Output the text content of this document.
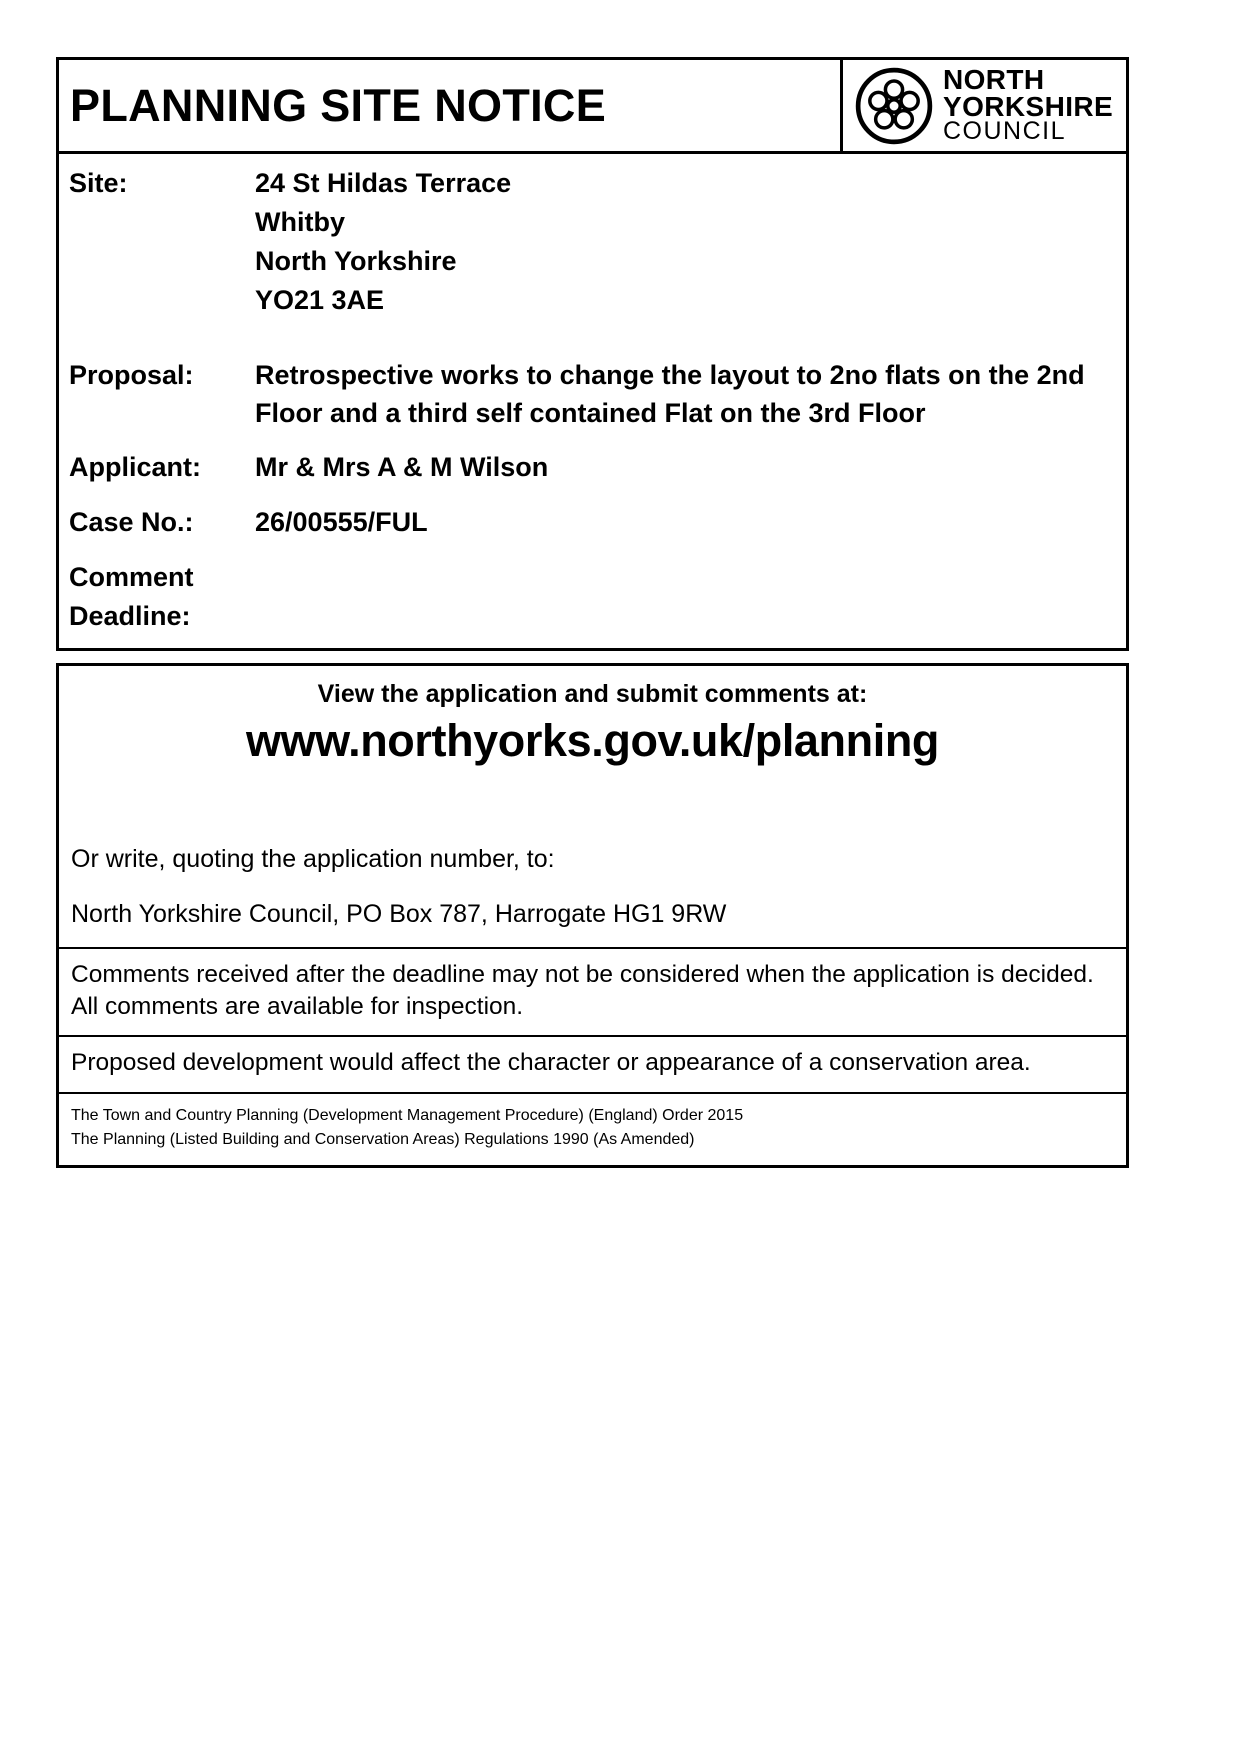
PLANNING SITE NOTICE
NORTH
YORKSHIRE
COUNCIL
Site:	24 St Hildas Terrace
Whitby
North Yorkshire
YO21 3AE
Proposal:	Retrospective works to change the layout to 2no flats on the 2nd Floor and a third self contained Flat on the 3rd Floor
Applicant:	Mr & Mrs A & M Wilson
Case No.:	26/00555/FUL
Comment
Deadline:
View the application and submit comments at:
www.northyorks.gov.uk/planning
Or write, quoting the application number, to:
North Yorkshire Council, PO Box 787, Harrogate HG1 9RW
Comments received after the deadline may not be considered when the application is decided. All comments are available for inspection.
Proposed development would affect the character or appearance of a conservation area.
The Town and Country Planning (Development Management Procedure) (England) Order 2015
The Planning (Listed Building and Conservation Areas) Regulations 1990 (As Amended)
